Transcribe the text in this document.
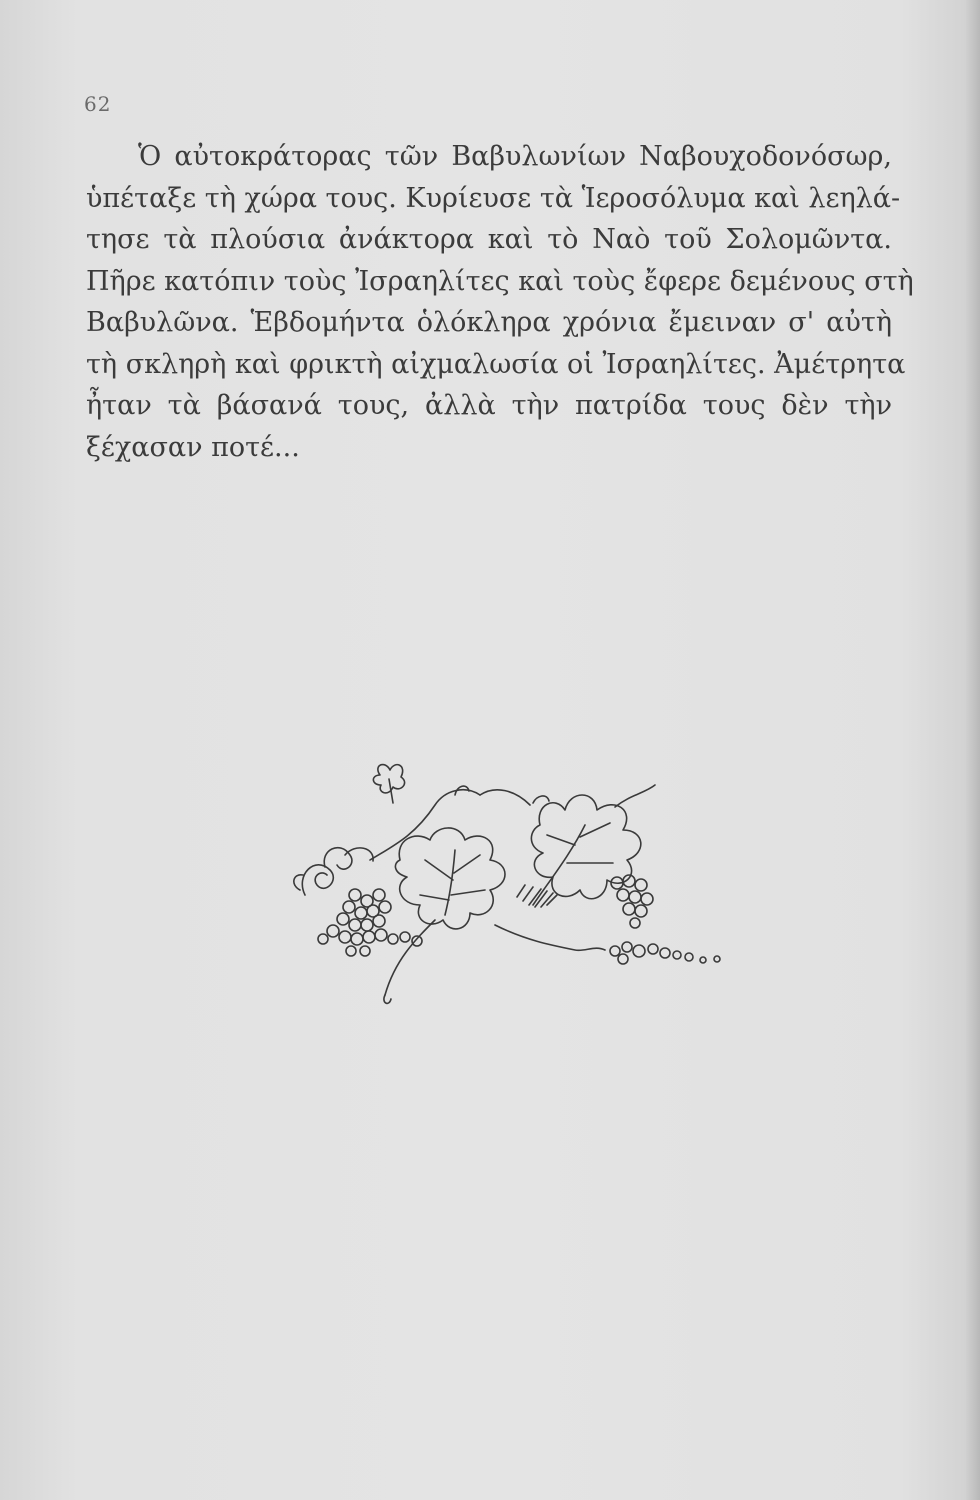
62
Ὁ αὐτοκράτορας τῶν Βαβυλωνίων Ναβουχοδονόσωρ,
ὑπέταξε τὴ χώρα τους. Κυρίευσε τὰ Ἱεροσόλυμα καὶ λεηλά-
τησε τὰ πλούσια ἀνάκτορα καὶ τὸ Ναὸ τοῦ Σολομῶντα.
Πῆρε κατόπιν τοὺς Ἰσραηλίτες καὶ τοὺς ἔφερε δεμένους στὴ
Βαβυλῶνα. Ἑβδομήντα ὁλόκληρα χρόνια ἔμειναν σ' αὐτὴ
τὴ σκληρὴ καὶ φρικτὴ αἰχμαλωσία οἱ Ἰσραηλίτες. Ἀμέτρητα
ἦταν τὰ βάσανά τους, ἀλλὰ τὴν πατρίδα τους δὲν τὴν
ξέχασαν ποτέ...
